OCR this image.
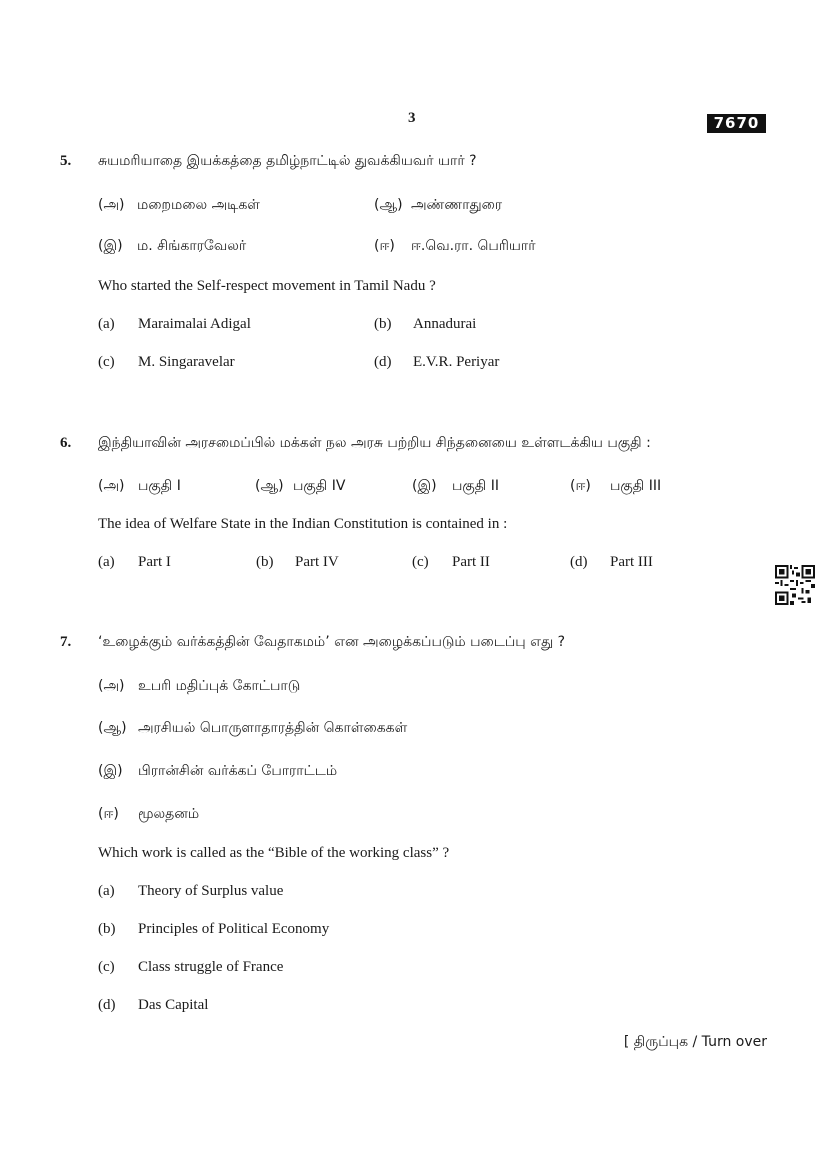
3	7670
5. சுயமரியாதை இயக்கத்தை தமிழ்நாட்டில் துவக்கியவர் யார் ?
(அ) மறைமலை அடிகள்	(ஆ) அண்ணாதுரை
(இ) ம. சிங்காரவேலர்	(ஈ) ஈ.வெ.ரா. பெரியார்
Who started the Self-respect movement in Tamil Nadu ?
(a) Maraimalai Adigal	(b) Annadurai
(c) M. Singaravelar	(d) E.V.R. Periyar
6. இந்தியாவின் அரசமைப்பில் மக்கள் நல அரசு பற்றிய சிந்தனையை உள்ளடக்கிய பகுதி :
(அ) பகுதி I	(ஆ) பகுதி IV	(இ) பகுதி II	(ஈ) பகுதி III
The idea of Welfare State in the Indian Constitution is contained in :
(a) Part I	(b) Part IV	(c) Part II	(d) Part III
7. ‘உழைக்கும் வர்க்கத்தின் வேதாகமம்’ என அழைக்கப்படும் படைப்பு எது ?
(அ) உபரி மதிப்புக் கோட்பாடு
(ஆ) அரசியல் பொருளாதாரத்தின் கொள்கைகள்
(இ) பிரான்சின் வர்க்கப் போராட்டம்
(ஈ) மூலதனம்
Which work is called as the “Bible of the working class” ?
(a) Theory of Surplus value
(b) Principles of Political Economy
(c) Class struggle of France
(d) Das Capital
[ திருப்புக / Turn over
